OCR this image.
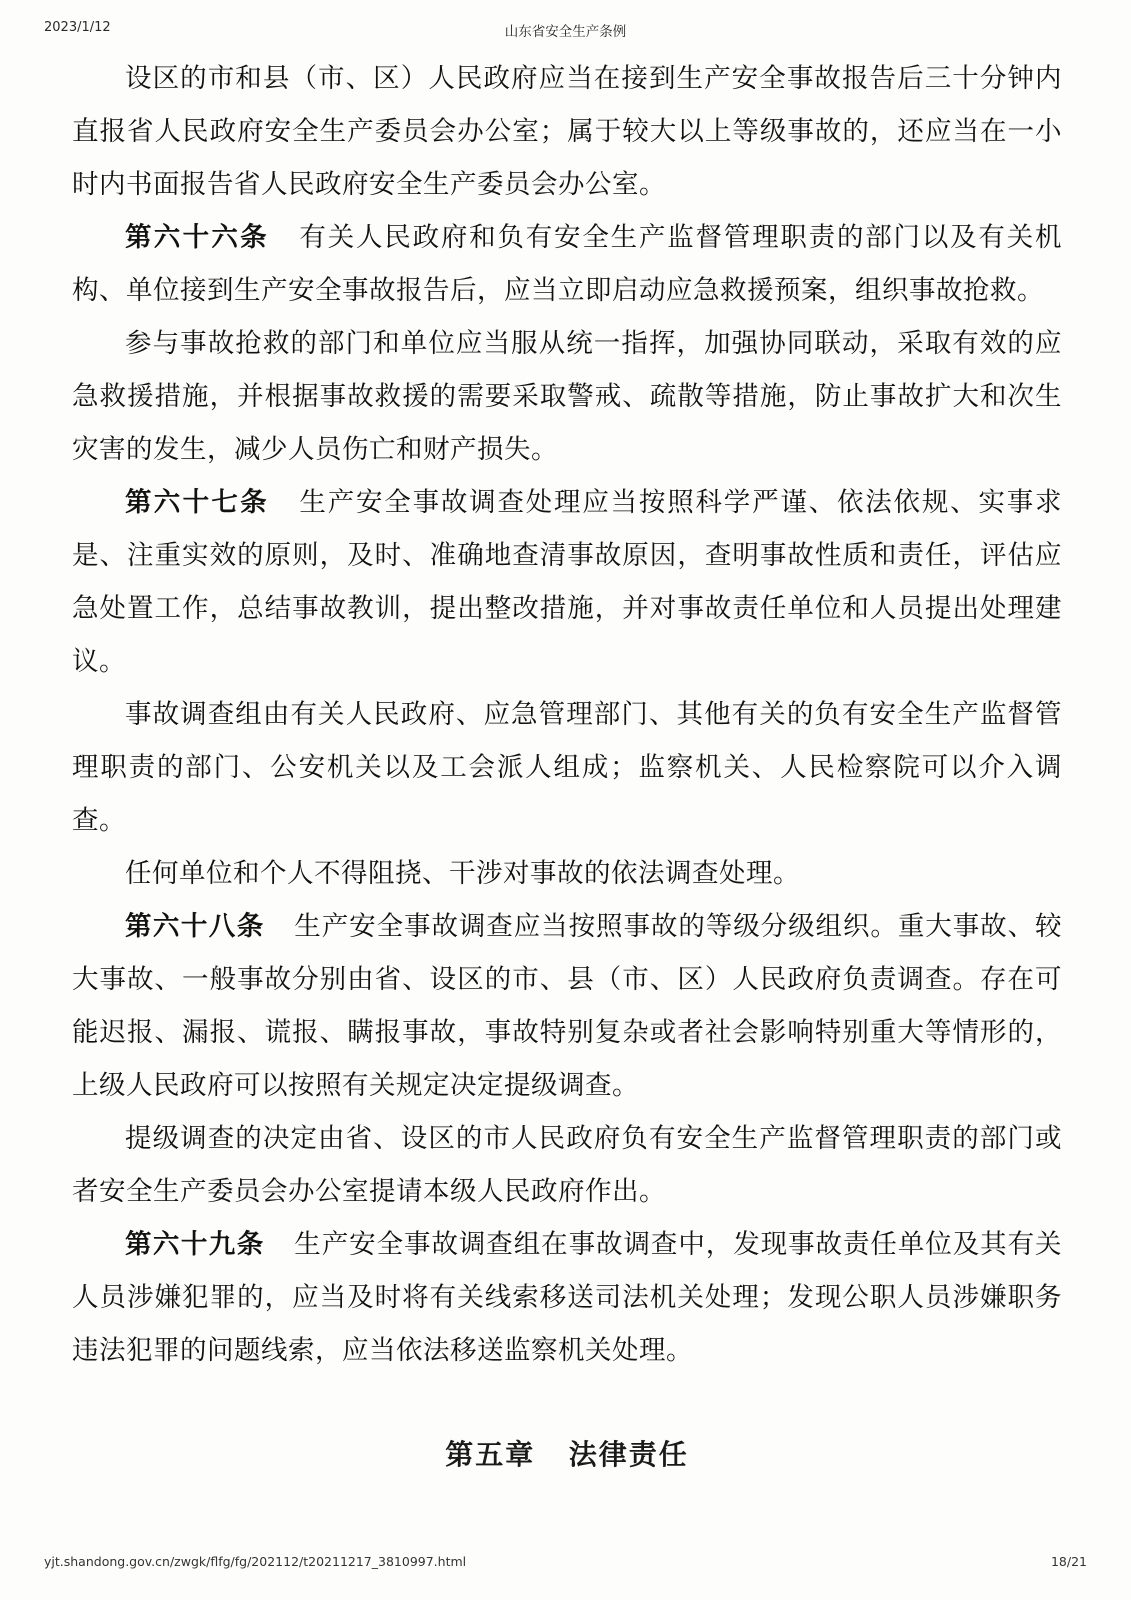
2023/1/12	山东省安全生产条例

设区的市和县（市、区）人民政府应当在接到生产安全事故报告后三十分钟内直报省人民政府安全生产委员会办公室；属于较大以上等级事故的，还应当在一小时内书面报告省人民政府安全生产委员会办公室。

第六十六条 有关人民政府和负有安全生产监督管理职责的部门以及有关机构、单位接到生产安全事故报告后，应当立即启动应急救援预案，组织事故抢救。

参与事故抢救的部门和单位应当服从统一指挥，加强协同联动，采取有效的应急救援措施，并根据事故救援的需要采取警戒、疏散等措施，防止事故扩大和次生灾害的发生，减少人员伤亡和财产损失。

第六十七条 生产安全事故调查处理应当按照科学严谨、依法依规、实事求是、注重实效的原则，及时、准确地查清事故原因，查明事故性质和责任，评估应急处置工作，总结事故教训，提出整改措施，并对事故责任单位和人员提出处理建议。

事故调查组由有关人民政府、应急管理部门、其他有关的负有安全生产监督管理职责的部门、公安机关以及工会派人组成；监察机关、人民检察院可以介入调查。

任何单位和个人不得阻挠、干涉对事故的依法调查处理。

第六十八条 生产安全事故调查应当按照事故的等级分级组织。重大事故、较大事故、一般事故分别由省、设区的市、县（市、区）人民政府负责调查。存在可能迟报、漏报、谎报、瞒报事故，事故特别复杂或者社会影响特别重大等情形的，上级人民政府可以按照有关规定决定提级调查。

提级调查的决定由省、设区的市人民政府负有安全生产监督管理职责的部门或者安全生产委员会办公室提请本级人民政府作出。

第六十九条 生产安全事故调查组在事故调查中，发现事故责任单位及其有关人员涉嫌犯罪的，应当及时将有关线索移送司法机关处理；发现公职人员涉嫌职务违法犯罪的问题线索，应当依法移送监察机关处理。

第五章 法律责任
yjt.shandong.gov.cn/zwgk/flfg/fg/202112/t20211217_3810997.html	18/21
